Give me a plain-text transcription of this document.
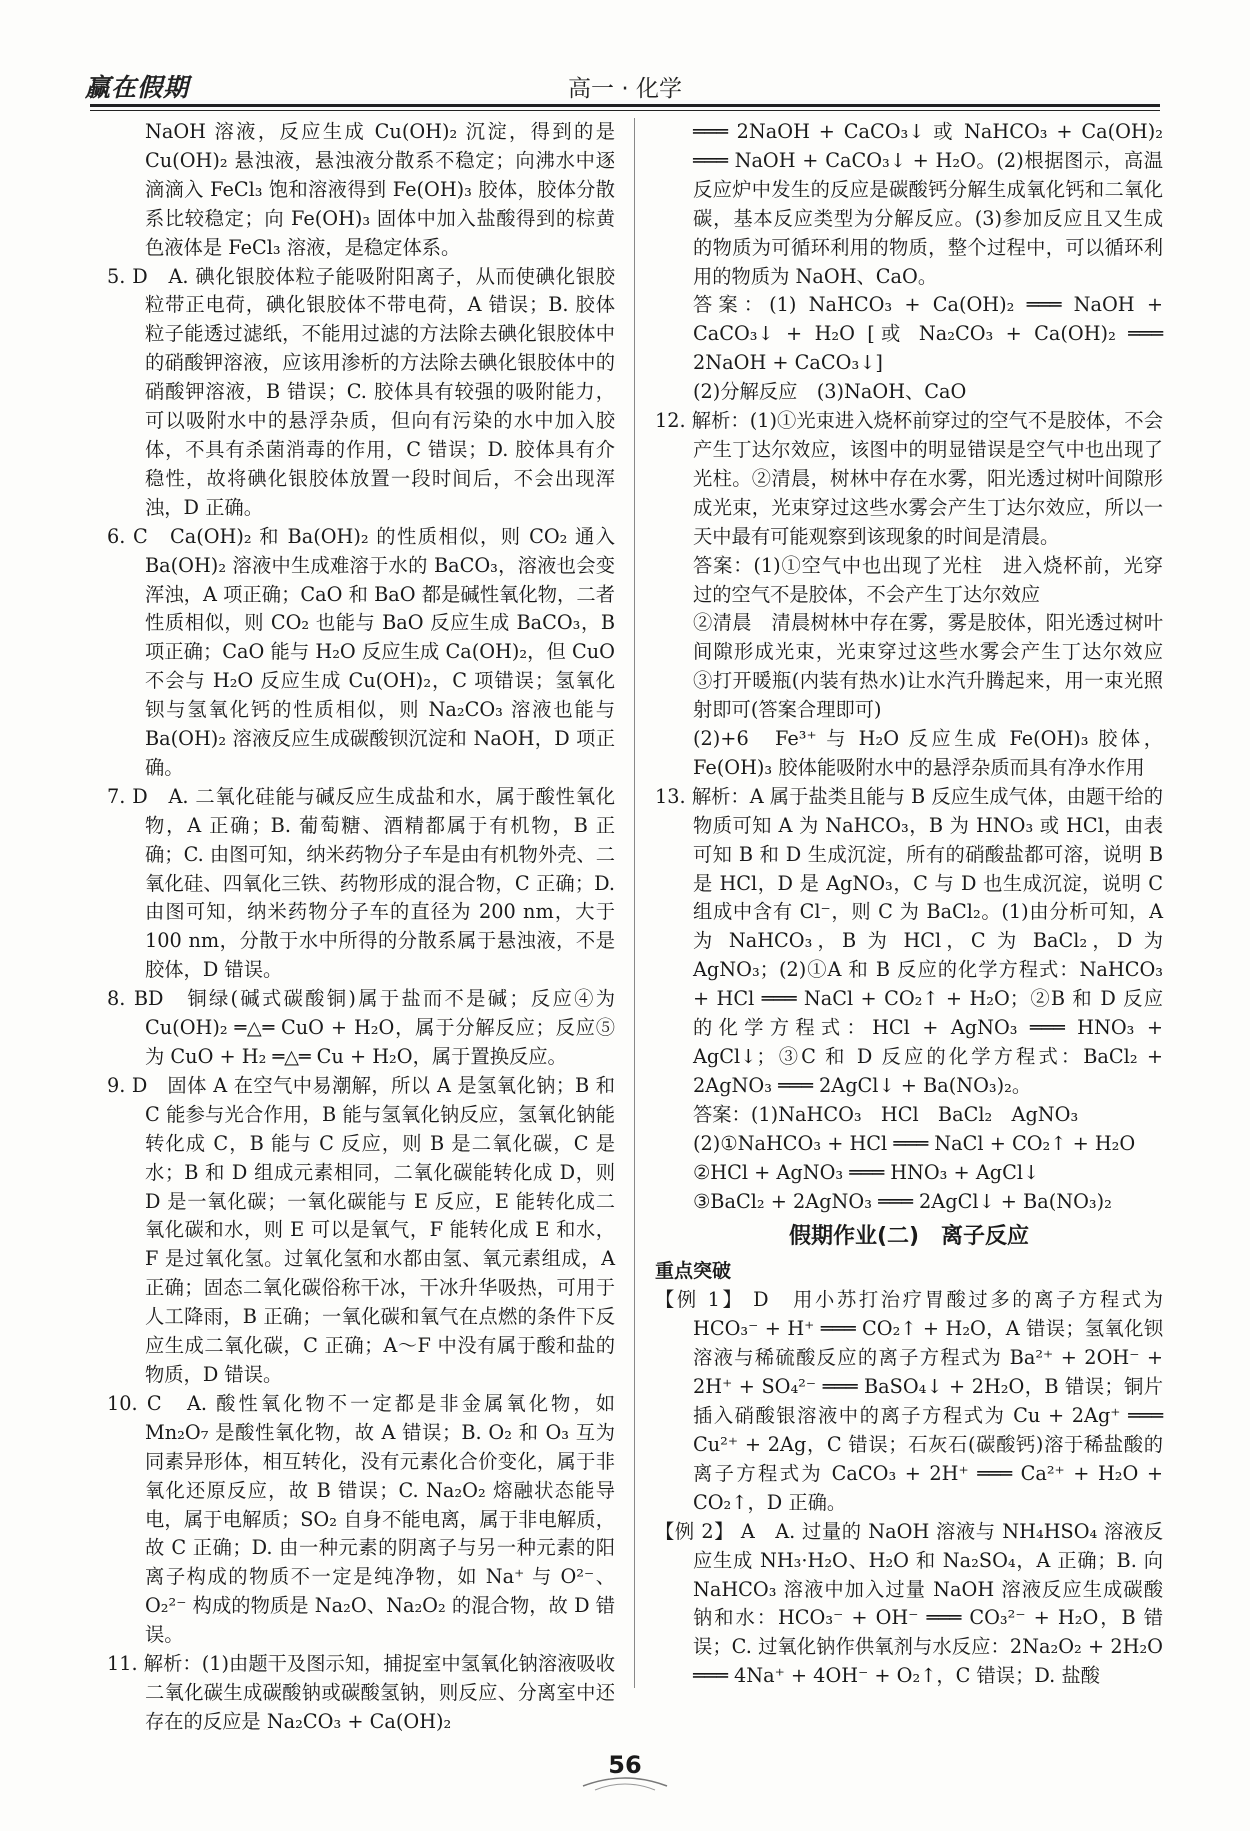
赢在假期	高一 · 化学
NaOH 溶液，反应生成 Cu(OH)₂ 沉淀，得到的是 Cu(OH)₂ 悬浊液，悬浊液分散系不稳定；向沸水中逐滴滴入 FeCl₃ 饱和溶液得到 Fe(OH)₃ 胶体，胶体分散系比较稳定；向 Fe(OH)₃ 固体中加入盐酸得到的棕黄色液体是 FeCl₃ 溶液，是稳定体系。
5. D　A. 碘化银胶体粒子能吸附阳离子，从而使碘化银胶粒带正电荷，碘化银胶体不带电荷，A 错误；B. 胶体粒子能透过滤纸，不能用过滤的方法除去碘化银胶体中的硝酸钾溶液，应该用渗析的方法除去碘化银胶体中的硝酸钾溶液，B 错误；C. 胶体具有较强的吸附能力，可以吸附水中的悬浮杂质，但向有污染的水中加入胶体，不具有杀菌消毒的作用，C 错误；D. 胶体具有介稳性，故将碘化银胶体放置一段时间后，不会出现浑浊，D 正确。
6. C　Ca(OH)₂ 和 Ba(OH)₂ 的性质相似，则 CO₂ 通入 Ba(OH)₂ 溶液中生成难溶于水的 BaCO₃，溶液也会变浑浊，A 项正确；CaO 和 BaO 都是碱性氧化物，二者性质相似，则 CO₂ 也能与 BaO 反应生成 BaCO₃，B 项正确；CaO 能与 H₂O 反应生成 Ca(OH)₂，但 CuO 不会与 H₂O 反应生成 Cu(OH)₂，C 项错误；氢氧化钡与氢氧化钙的性质相似，则 Na₂CO₃ 溶液也能与 Ba(OH)₂ 溶液反应生成碳酸钡沉淀和 NaOH，D 项正确。
7. D　A. 二氧化硅能与碱反应生成盐和水，属于酸性氧化物，A 正确；B. 葡萄糖、酒精都属于有机物，B 正确；C. 由图可知，纳米药物分子车是由有机物外壳、二氧化硅、四氧化三铁、药物形成的混合物，C 正确；D. 由图可知，纳米药物分子车的直径为 200 nm，大于 100 nm，分散于水中所得的分散系属于悬浊液，不是胶体，D 错误。
8. BD　铜绿(碱式碳酸铜)属于盐而不是碱；反应④为 Cu(OH)₂ ═△═ CuO + H₂O，属于分解反应；反应⑤为 CuO + H₂ ═△═ Cu + H₂O，属于置换反应。
9. D　固体 A 在空气中易潮解，所以 A 是氢氧化钠；B 和 C 能参与光合作用，B 能与氢氧化钠反应，氢氧化钠能转化成 C，B 能与 C 反应，则 B 是二氧化碳，C 是水；B 和 D 组成元素相同，二氧化碳能转化成 D，则 D 是一氧化碳；一氧化碳能与 E 反应，E 能转化成二氧化碳和水，则 E 可以是氧气，F 能转化成 E 和水，F 是过氧化氢。过氧化氢和水都由氢、氧元素组成，A 正确；固态二氧化碳俗称干冰，干冰升华吸热，可用于人工降雨，B 正确；一氧化碳和氧气在点燃的条件下反应生成二氧化碳，C 正确；A～F 中没有属于酸和盐的物质，D 错误。
10. C　A. 酸性氧化物不一定都是非金属氧化物，如 Mn₂O₇ 是酸性氧化物，故 A 错误；B. O₂ 和 O₃ 互为同素异形体，相互转化，没有元素化合价变化，属于非氧化还原反应，故 B 错误；C. Na₂O₂ 熔融状态能导电，属于电解质；SO₂ 自身不能电离，属于非电解质，故 C 正确；D. 由一种元素的阴离子与另一种元素的阳离子构成的物质不一定是纯净物，如 Na⁺ 与 O²⁻、O₂²⁻ 构成的物质是 Na₂O、Na₂O₂ 的混合物，故 D 错误。
11. 解析：(1)由题干及图示知，捕捉室中氢氧化钠溶液吸收二氧化碳生成碳酸钠或碳酸氢钠，则反应、分离室中还存在的反应是 Na₂CO₃ + Ca(OH)₂
═══ 2NaOH + CaCO₃↓ 或 NaHCO₃ + Ca(OH)₂ ═══ NaOH + CaCO₃↓ + H₂O。(2)根据图示，高温反应炉中发生的反应是碳酸钙分解生成氧化钙和二氧化碳，基本反应类型为分解反应。(3)参加反应且又生成的物质为可循环利用的物质，整个过程中，可以循环利用的物质为 NaOH、CaO。
答案：(1) NaHCO₃ + Ca(OH)₂ ═══ NaOH + CaCO₃↓ + H₂O [或 Na₂CO₃ + Ca(OH)₂ ═══ 2NaOH + CaCO₃↓]
(2)分解反应　(3)NaOH、CaO
12. 解析：(1)①光束进入烧杯前穿过的空气不是胶体，不会产生丁达尔效应，该图中的明显错误是空气中也出现了光柱。②清晨，树林中存在水雾，阳光透过树叶间隙形成光束，光束穿过这些水雾会产生丁达尔效应，所以一天中最有可能观察到该现象的时间是清晨。
答案：(1)①空气中也出现了光柱　进入烧杯前，光穿过的空气不是胶体，不会产生丁达尔效应
②清晨　清晨树林中存在雾，雾是胶体，阳光透过树叶间隙形成光束，光束穿过这些水雾会产生丁达尔效应　③打开暖瓶(内装有热水)让水汽升腾起来，用一束光照射即可(答案合理即可)
(2)+6　Fe³⁺ 与 H₂O 反应生成 Fe(OH)₃ 胶体，Fe(OH)₃ 胶体能吸附水中的悬浮杂质而具有净水作用
13. 解析：A 属于盐类且能与 B 反应生成气体，由题干给的物质可知 A 为 NaHCO₃，B 为 HNO₃ 或 HCl，由表可知 B 和 D 生成沉淀，所有的硝酸盐都可溶，说明 B 是 HCl，D 是 AgNO₃，C 与 D 也生成沉淀，说明 C 组成中含有 Cl⁻，则 C 为 BaCl₂。(1)由分析可知，A 为 NaHCO₃，B 为 HCl，C 为 BaCl₂，D 为 AgNO₃；(2)①A 和 B 反应的化学方程式：NaHCO₃ + HCl ═══ NaCl + CO₂↑ + H₂O；②B 和 D 反应的化学方程式：HCl + AgNO₃ ═══ HNO₃ + AgCl↓；③C 和 D 反应的化学方程式：BaCl₂ + 2AgNO₃ ═══ 2AgCl↓ + Ba(NO₃)₂。
答案：(1)NaHCO₃　HCl　BaCl₂　AgNO₃
(2)①NaHCO₃ + HCl ═══ NaCl + CO₂↑ + H₂O
②HCl + AgNO₃ ═══ HNO₃ + AgCl↓
③BaCl₂ + 2AgNO₃ ═══ 2AgCl↓ + Ba(NO₃)₂
假期作业(二)　离子反应
重点突破
【例 1】 D　用小苏打治疗胃酸过多的离子方程式为 HCO₃⁻ + H⁺ ═══ CO₂↑ + H₂O，A 错误；氢氧化钡溶液与稀硫酸反应的离子方程式为 Ba²⁺ + 2OH⁻ + 2H⁺ + SO₄²⁻ ═══ BaSO₄↓ + 2H₂O，B 错误；铜片插入硝酸银溶液中的离子方程式为 Cu + 2Ag⁺ ═══ Cu²⁺ + 2Ag，C 错误；石灰石(碳酸钙)溶于稀盐酸的离子方程式为 CaCO₃ + 2H⁺ ═══ Ca²⁺ + H₂O + CO₂↑，D 正确。
【例 2】 A　A. 过量的 NaOH 溶液与 NH₄HSO₄ 溶液反应生成 NH₃·H₂O、H₂O 和 Na₂SO₄，A 正确；B. 向 NaHCO₃ 溶液中加入过量 NaOH 溶液反应生成碳酸钠和水：HCO₃⁻ + OH⁻ ═══ CO₃²⁻ + H₂O，B 错误；C. 过氧化钠作供氧剂与水反应：2Na₂O₂ + 2H₂O ═══ 4Na⁺ + 4OH⁻ + O₂↑，C 错误；D. 盐酸
56
